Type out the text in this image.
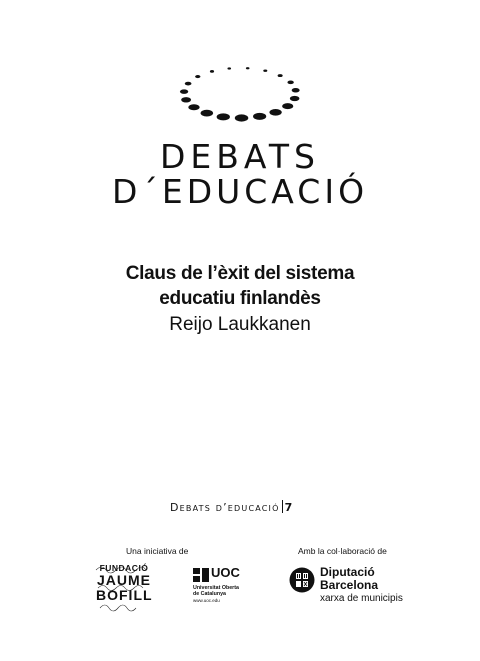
DEBATS
D´EDUCACIÓ
Claus de l’èxit del sistema
educatiu finlandès
Reijo Laukkanen
Debats d’educació 7
Una iniciativa de	Amb la col·laboració de
FUNDACIÓ
JAUME
BOFILL
UOC
Universitat Oberta
de Catalunya
www.uoc.edu
Diputació
Barcelona
xarxa de municipis
